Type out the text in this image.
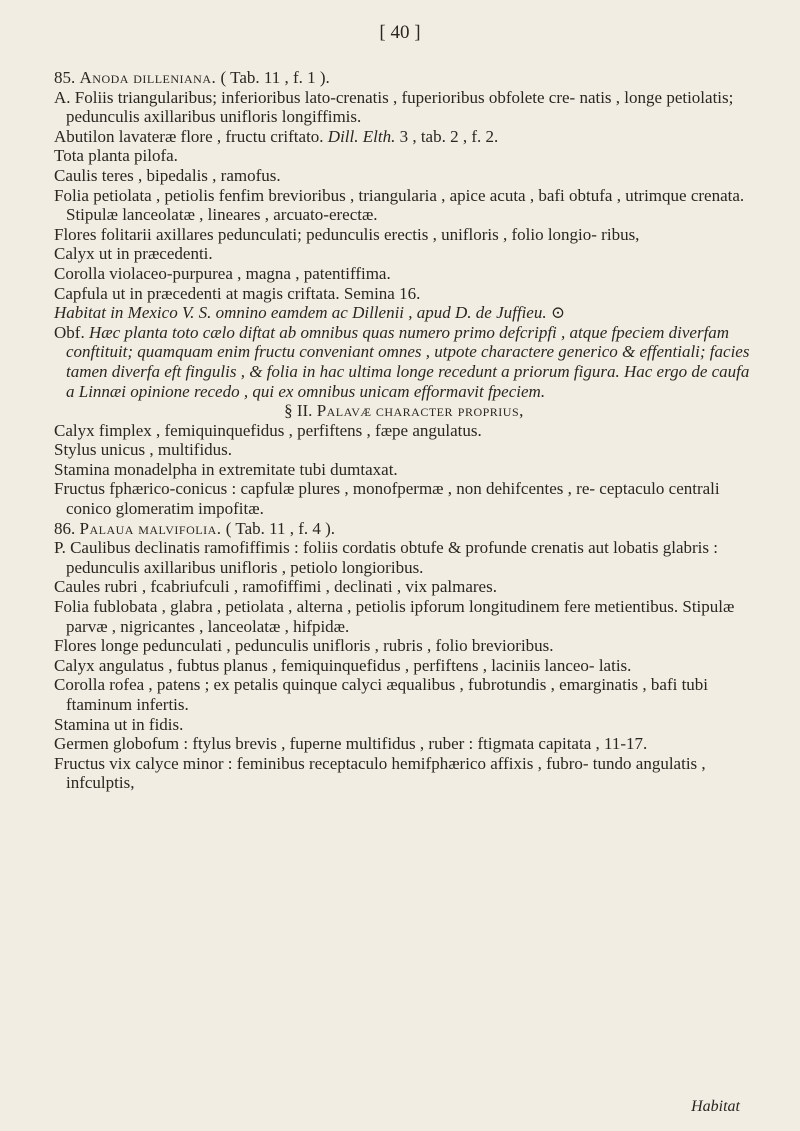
[ 40 ]

85. Anoda dilleniana. ( Tab. 11 , f. 1 ).

A. Foliis triangularibus; inferioribus lato-crenatis , fuperioribus obfolete cre- natis , longe petiolatis; pedunculis axillaribus unifloris longiffimis.

Abutilon lavateræ flore , fructu criftato. Dill. Elth. 3 , tab. 2 , f. 2.

Tota planta pilofa.

Caulis teres , bipedalis , ramofus.

Folia petiolata , petiolis fenfim brevioribus , triangularia , apice acuta , bafi obtufa , utrimque crenata. Stipulæ lanceolatæ , lineares , arcuato-erectæ.

Flores folitarii axillares pedunculati; pedunculis erectis , unifloris , folio longio- ribus,

Calyx ut in præcedenti.

Corolla violaceo-purpurea , magna , patentiffima.

Capfula ut in præcedenti at magis criftata. Semina 16.

Habitat in Mexico V. S. omnino eamdem ac Dillenii , apud D. de Juffieu. ⊙

Obf. Hæc planta toto cælo diftat ab omnibus quas numero primo defcripfi , atque fpeciem diverfam conftituit; quamquam enim fructu conveniant omnes , utpote charactere generico & effentiali; facies tamen diverfa eft fingulis , & folia in hac ultima longe recedunt a priorum figura. Hac ergo de caufa a Linnæi opinione recedo , qui ex omnibus unicam efformavit fpeciem.

§ II. Palavæ character proprius,

Calyx fimplex , femiquinquefidus , perfiftens , fæpe angulatus.

Stylus unicus , multifidus.

Stamina monadelpha in extremitate tubi dumtaxat.

Fructus fphærico-conicus : capfulæ plures , monofpermæ , non dehifcentes , re- ceptaculo centrali conico glomeratim impofitæ.

86. Palaua malvifolia. ( Tab. 11 , f. 4 ).

P. Caulibus declinatis ramofiffimis : foliis cordatis obtufe & profunde crenatis aut lobatis glabris : pedunculis axillaribus unifloris , petiolo longioribus.

Caules rubri , fcabriufculi , ramofiffimi , declinati , vix palmares.

Folia fublobata , glabra , petiolata , alterna , petiolis ipforum longitudinem fere metientibus. Stipulæ parvæ , nigricantes , lanceolatæ , hifpidæ.

Flores longe pedunculati , pedunculis unifloris , rubris , folio brevioribus.

Calyx angulatus , fubtus planus , femiquinquefidus , perfiftens , laciniis lanceo- latis.

Corolla rofea , patens ; ex petalis quinque calyci æqualibus , fubrotundis , emarginatis , bafi tubi ftaminum infertis.

Stamina ut in fidis.

Germen globofum : ftylus brevis , fuperne multifidus , ruber : ftigmata capitata , 11-17.

Fructus vix calyce minor : feminibus receptaculo hemifphærico affixis , fubro- tundo angulatis , infculptis,

Habitat
